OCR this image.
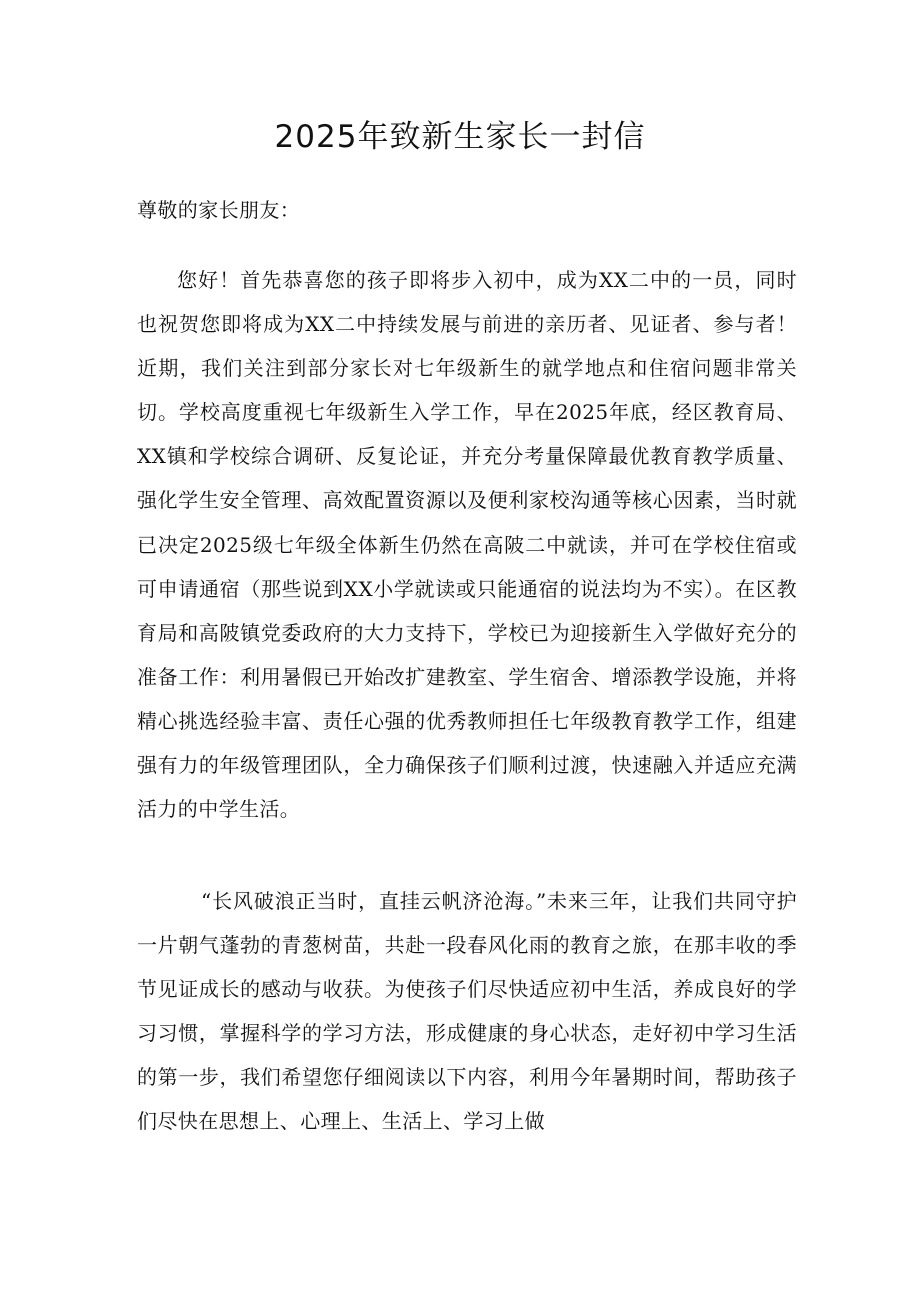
2025年致新生家长一封信

尊敬的家长朋友：

您好！首先恭喜您的孩子即将步入初中，成为XX二中的一员，同时也祝贺您即将成为XX二中持续发展与前进的亲历者、见证者、参与者！近期，我们关注到部分家长对七年级新生的就学地点和住宿问题非常关切。学校高度重视七年级新生入学工作，早在2025年底，经区教育局、XX镇和学校综合调研、反复论证，并充分考量保障最优教育教学质量、强化学生安全管理、高效配置资源以及便利家校沟通等核心因素，当时就已决定2025级七年级全体新生仍然在高陂二中就读，并可在学校住宿或可申请通宿（那些说到XX小学就读或只能通宿的说法均为不实）。在区教育局和高陂镇党委政府的大力支持下，学校已为迎接新生入学做好充分的准备工作：利用暑假已开始改扩建教室、学生宿舍、增添教学设施，并将精心挑选经验丰富、责任心强的优秀教师担任七年级教育教学工作，组建强有力的年级管理团队，全力确保孩子们顺利过渡，快速融入并适应充满活力的中学生活。

“长风破浪正当时，直挂云帆济沧海。”未来三年，让我们共同守护一片朝气蓬勃的青葱树苗，共赴一段春风化雨的教育之旅，在那丰收的季节见证成长的感动与收获。为使孩子们尽快适应初中生活，养成良好的学习习惯，掌握科学的学习方法，形成健康的身心状态，走好初中学习生活的第一步，我们希望您仔细阅读以下内容，利用今年暑期时间，帮助孩子们尽快在思想上、心理上、生活上、学习上做
